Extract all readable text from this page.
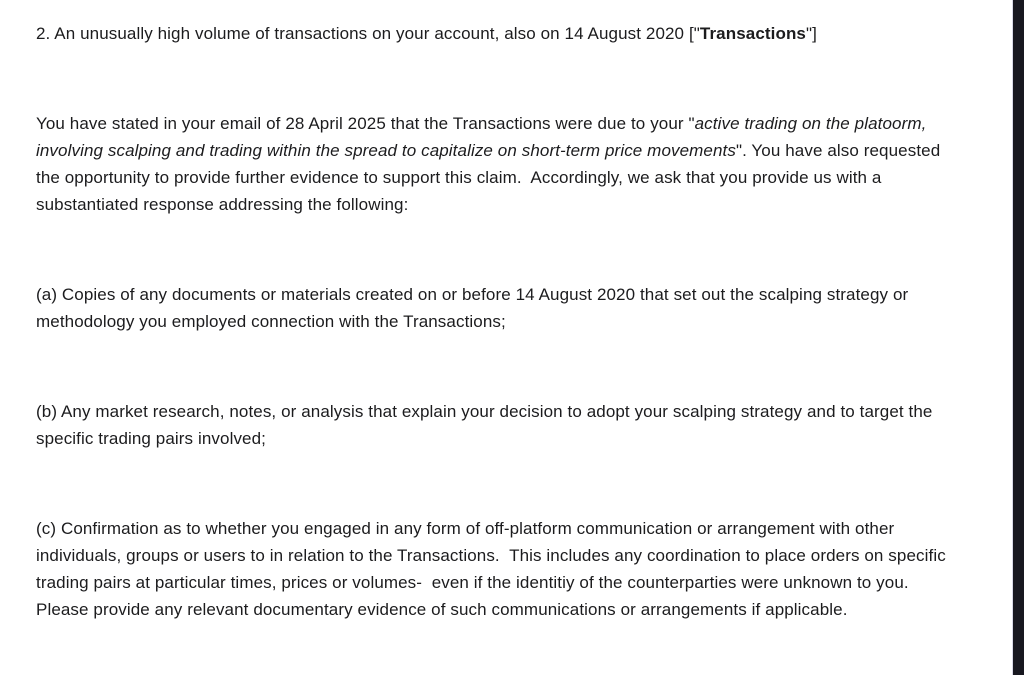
2. An unusually high volume of transactions on your account, also on 14 August 2020 ["Transactions"]

You have stated in your email of 28 April 2025 that the Transactions were due to your "active trading on the platoorm, involving scalping and trading within the spread to capitalize on short-term price movements". You have also requested the opportunity to provide further evidence to support this claim.  Accordingly, we ask that you provide us with a substantiated response addressing the following:

(a) Copies of any documents or materials created on or before 14 August 2020 that set out the scalping strategy or methodology you employed connection with the Transactions;

(b) Any market research, notes, or analysis that explain your decision to adopt your scalping strategy and to target the specific trading pairs involved;

(c) Confirmation as to whether you engaged in any form of off-platform communication or arrangement with other individuals, groups or users to in relation to the Transactions.  This includes any coordination to place orders on specific trading pairs at particular times, prices or volumes-  even if the identitiy of the counterparties were unknown to you. Please provide any relevant documentary evidence of such communications or arrangements if applicable.
